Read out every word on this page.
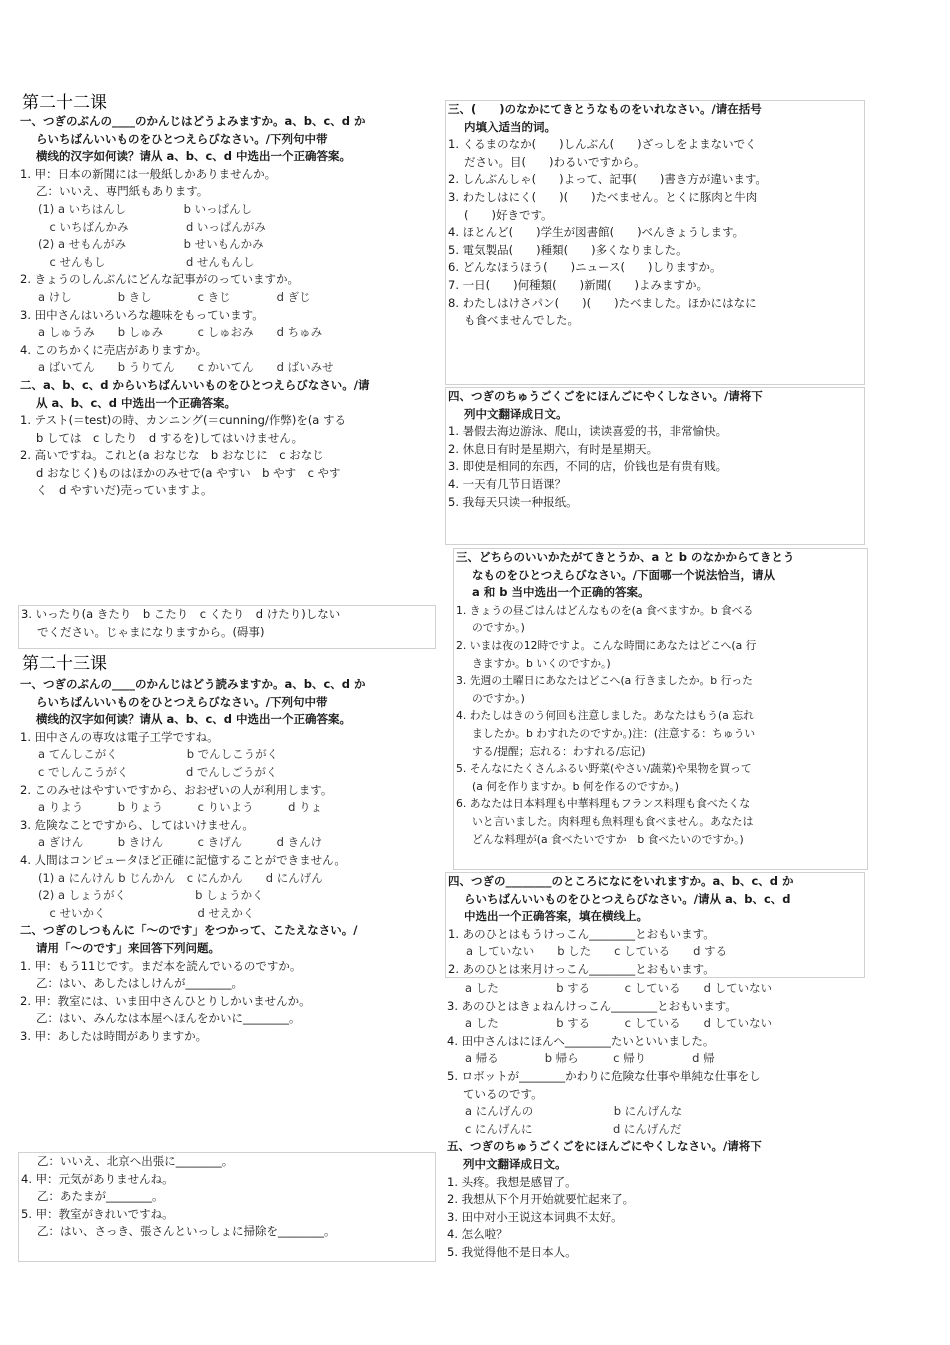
第二十二课
第二十三课
一、つぎのぶんの____のかんじはどうよみますか。a、b、c、d か
らいちばんいいものをひとつえらびなさい。/下列句中带
横线的汉字如何读？请从 a、b、c、d 中选出一个正确答案。
1. 甲：日本の新聞には一般紙しかありませんか。
乙：いいえ、専門紙もあります。
(1) a いちはんし　　　　　b いっぱんし
　c いちばんかみ　　　　　d いっぱんがみ
(2) a せもんがみ　　　　　b せいもんかみ
　c せんもし　　　　　　　d せんもんし
2. きょうのしんぶんにどんな記事がのっていますか。
a けし　　　　b きし　　　　c きじ　　　　d ぎじ
3. 田中さんはいろいろな趣味をもっています。
a しゅうみ　　b しゅみ　　　c しゅおみ　　d ちゅみ
4. このちかくに売店がありますか。
a ばいてん　　b うりてん　　c かいてん　　d ばいみせ
二、a、b、c、d からいちばんいいものをひとつえらびなさい。/请
从 a、b、c、d 中选出一个正确答案。
1. テスト(＝test)の時、カンニング(＝cunning/作弊)を(a する
b しては　c したり　d するを)してはいけません。
2. 高いですね。これと(a おなじな　b おなじに　c おなじ
d おなじく)ものはほかのみせで(a やすい　b やす　c やす
く　d やすいだ)売っていますよ。
3. いったり(a きたり　b こたり　c くたり　d けたり)しない
でください。じゃまになりますから。(碍事)
一、つぎのぶんの____のかんじはどう読みますか。a、b、c、d か
らいちばんいいものをひとつえらびなさい。/下列句中带
横线的汉字如何读？请从 a、b、c、d 中选出一个正确答案。
1. 田中さんの専攻は電子工学ですね。
a てんしこがく　　　　　　b でんしこうがく
c でしんこうがく　　　　　d でんしごうがく
2. このみせはやすいですから、おおぜいの人が利用します。
a りよう　　　b りょう　　　c りいよう　　　d りょ
3. 危険なことですから、してはいけません。
a ぎけん　　　b きけん　　　c きげん　　　d きんけ
4. 人間はコンピュータほど正確に記憶することができません。
(1) a にんけん b じんかん　c にんかん　　d にんげん
(2) a しょうがく　　　　　　b しょうかく
　c せいかく　　　　　　　　d せえかく
二、つぎのしつもんに「～のです」をつかって、こたえなさい。/
请用「～のです」来回答下列问题。
1. 甲：もう11じです。まだ本を読んでいるのですか。
乙：はい、あしたはしけんが________。
2. 甲：教室には、いま田中さんひとりしかいませんか。
乙：はい、みんなは本屋へほんをかいに________。
3. 甲：あしたは時間がありますか。
乙：いいえ、北京へ出張に________。
4. 甲：元気がありませんね。
乙：あたまが________。
5. 甲：教室がきれいですね。
乙：はい、さっき、張さんといっしょに掃除を________。
三、(　　)のなかにてきとうなものをいれなさい。/请在括号
内填入适当的词。
1. くるまのなか(　　)しんぶん(　　)ざっしをよまないでく
ださい。目(　　)わるいですから。
2. しんぶんしゃ(　　)よって、記事(　　)書き方が違います。
3. わたしはにく(　　)(　　)たべません。とくに豚肉と牛肉
(　　)好きです。
4. ほとんど(　　)学生が図書館(　　)べんきょうします。
5. 電気製品(　　)種類(　　)多くなりました。
6. どんなほうほう(　　)ニュース(　　)しりますか。
7. 一日(　　)何種類(　　)新聞(　　)よみますか。
8. わたしはけさパン(　　)(　　)たべました。ほかにはなに
も食べませんでした。
四、つぎのちゅうごくごをにほんごにやくしなさい。/请将下
列中文翻译成日文。
1. 暑假去海边游泳、爬山，读读喜爱的书，非常愉快。
2. 休息日有时是星期六，有时是星期天。
3. 即使是相同的东西，不同的店，价钱也是有贵有贱。
4. 一天有几节日语课？
5. 我每天只读一种报纸。
三、どちらのいいかたがてきとうか、a と b のなかからてきとう
なものをひとつえらびなさい。/下面哪一个说法恰当，请从
a 和 b 当中选出一个正确的答案。
1. きょうの昼ごはんはどんなものを(a 食べますか。b 食べる
のですか。)
2. いまは夜の12時ですよ。こんな時間にあなたはどこへ(a 行
きますか。b いくのですか。)
3. 先週の土曜日にあなたはどこへ(a 行きましたか。b 行った
のですか。)
4. わたしはきのう何回も注意しました。あなたはもう(a 忘れ
ましたか。b わすれたのですか。)注：(注意する：ちゅうい
する/提醒；忘れる：わすれる/忘记)
5. そんなにたくさんふるい野菜(やさい/蔬菜)や果物を買って
(a 何を作りますか。b 何を作るのですか。)
6. あなたは日本料理も中華料理もフランス料理も食べたくな
いと言いました。肉料理も魚料理も食べません。あなたは
どんな料理が(a 食べたいですか　b 食べたいのですか。)
四、つぎの________のところになにをいれますか。a、b、c、d か
らいちばんいいものをひとつえらびなさい。/请从 a、b、c、d
中选出一个正确答案，填在横线上。
1. あのひとはもうけっこん________とおもいます。
a していない　　b した　　c している　　d する
2. あのひとは来月けっこん________とおもいます。
a した　　　　　b する　　　c している　　d していない
3. あのひとはきょねんけっこん________とおもいます。
a した　　　　　b する　　　c している　　d していない
4. 田中さんはにほんへ________たいといいました。
a 帰る　　　　b 帰ら　　　c 帰り　　　　d 帰
5. ロボットが________かわりに危険な仕事や単純な仕事をし
ているのです。
a にんげんの　　　　　　　b にんげんな
c にんげんに　　　　　　　d にんげんだ
五、つぎのちゅうごくごをにほんごにやくしなさい。/请将下
列中文翻译成日文。
1. 头疼。我想是感冒了。
2. 我想从下个月开始就要忙起来了。
3. 田中对小王说这本词典不太好。
4. 怎么啦？
5. 我觉得他不是日本人。
